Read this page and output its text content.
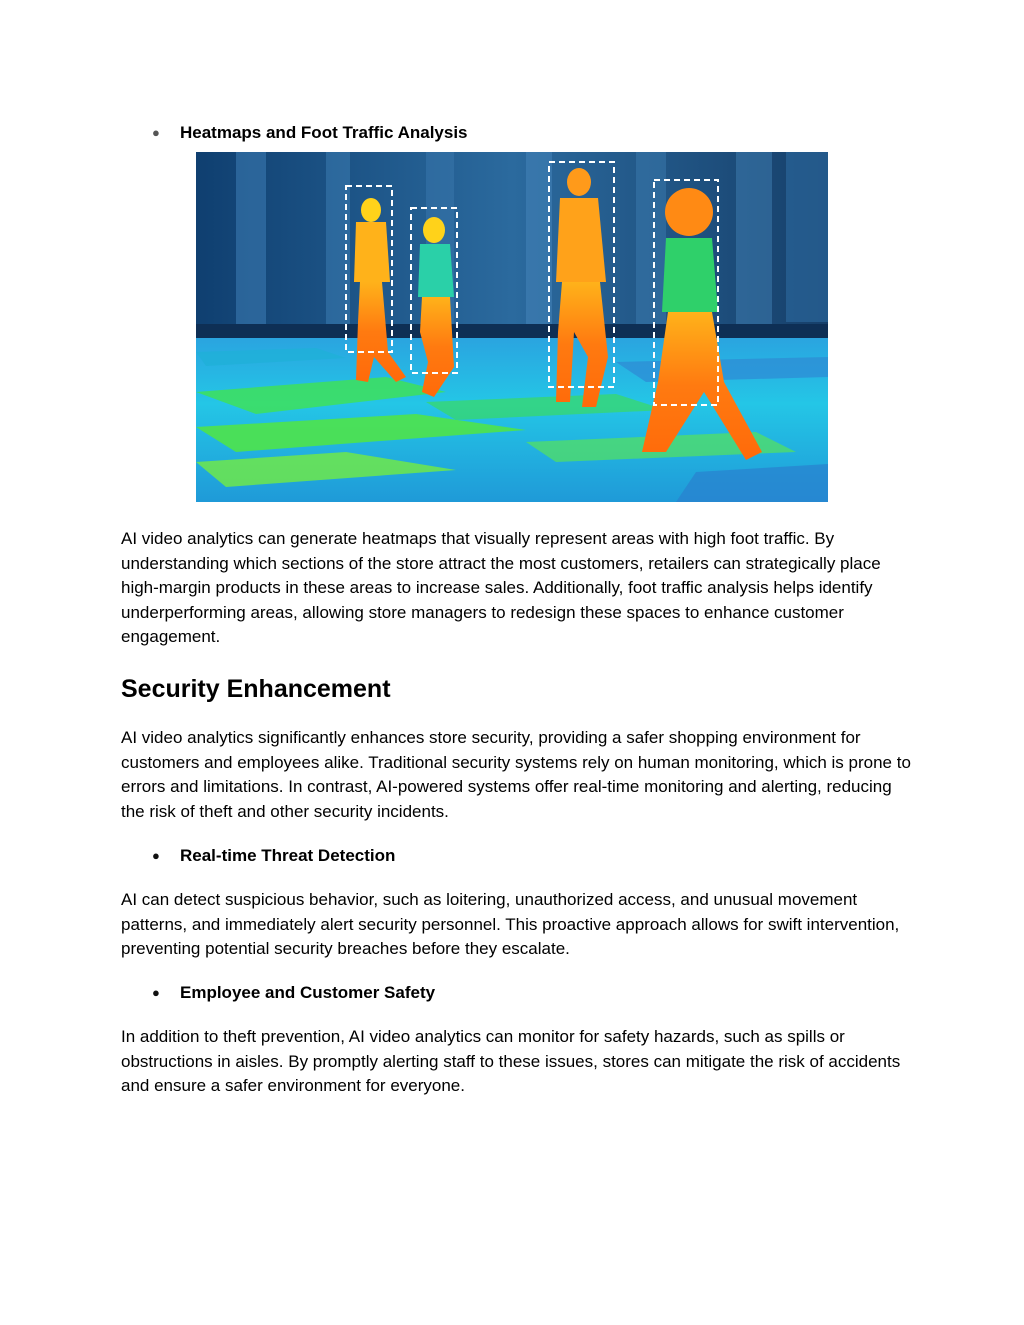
●	Heatmaps and Foot Traffic Analysis

AI video analytics can generate heatmaps that visually represent areas with high foot traffic. By understanding which sections of the store attract the most customers, retailers can strategically place high-margin products in these areas to increase sales. Additionally, foot traffic analysis helps identify underperforming areas, allowing store managers to redesign these spaces to enhance customer engagement.

Security Enhancement

AI video analytics significantly enhances store security, providing a safer shopping environment for customers and employees alike. Traditional security systems rely on human monitoring, which is prone to errors and limitations. In contrast, AI-powered systems offer real-time monitoring and alerting, reducing the risk of theft and other security incidents.

●	Real-time Threat Detection

AI can detect suspicious behavior, such as loitering, unauthorized access, and unusual movement patterns, and immediately alert security personnel. This proactive approach allows for swift intervention, preventing potential security breaches before they escalate.

●	Employee and Customer Safety

In addition to theft prevention, AI video analytics can monitor for safety hazards, such as spills or obstructions in aisles. By promptly alerting staff to these issues, stores can mitigate the risk of accidents and ensure a safer environment for everyone.
